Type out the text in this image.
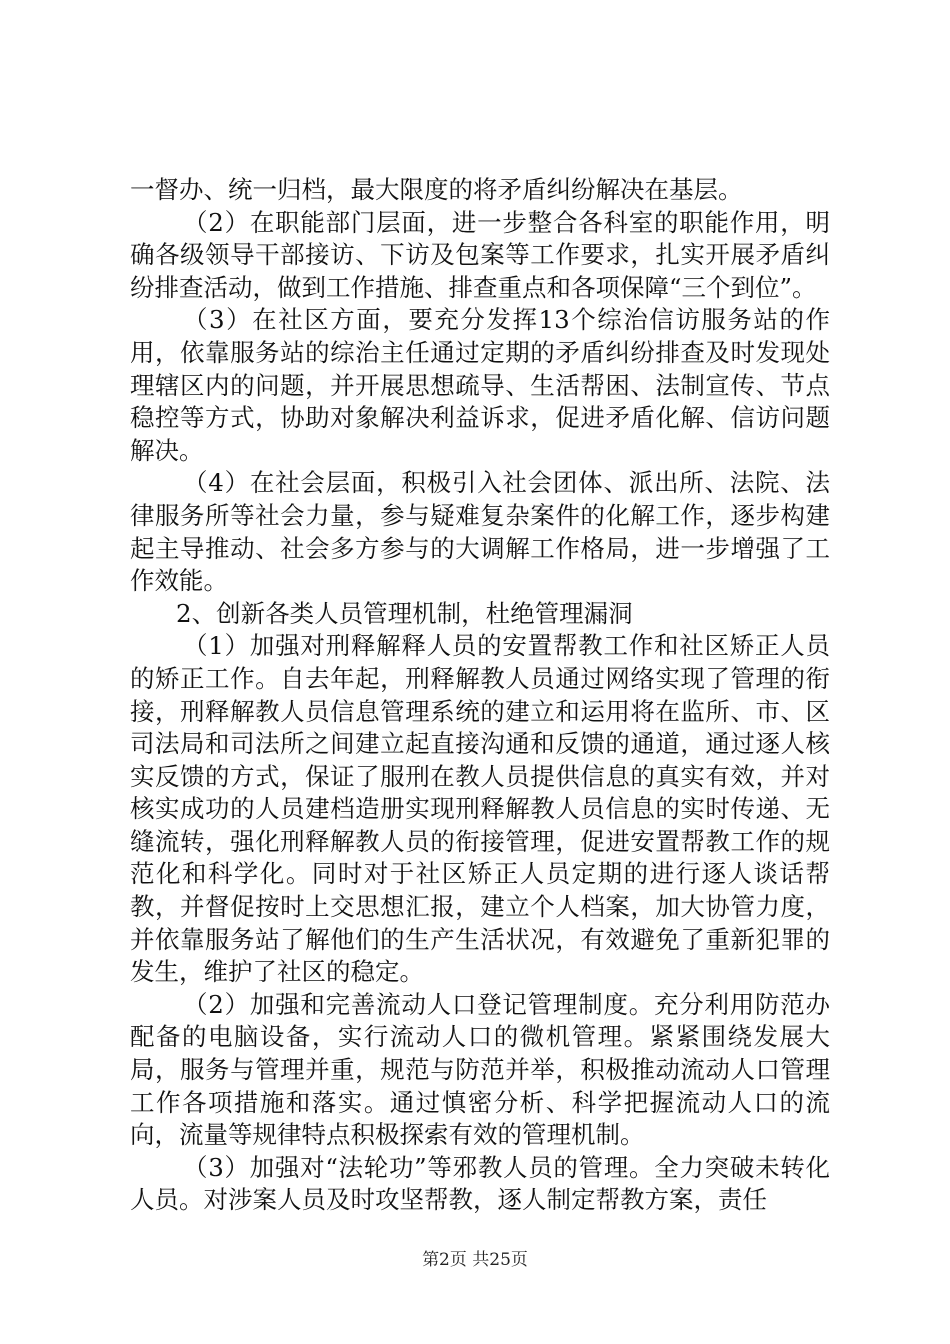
一督办、统一归档，最大限度的将矛盾纠纷解决在基层。

（2）在职能部门层面，进一步整合各科室的职能作用，明确各级领导干部接访、下访及包案等工作要求，扎实开展矛盾纠纷排查活动，做到工作措施、排查重点和各项保障“三个到位”。

（3）在社区方面，要充分发挥13个综治信访服务站的作用，依靠服务站的综治主任通过定期的矛盾纠纷排查及时发现处理辖区内的问题，并开展思想疏导、生活帮困、法制宣传、节点稳控等方式，协助对象解决利益诉求，促进矛盾化解、信访问题解决。

（4）在社会层面，积极引入社会团体、派出所、法院、法律服务所等社会力量，参与疑难复杂案件的化解工作，逐步构建起主导推动、社会多方参与的大调解工作格局，进一步增强了工作效能。

2、创新各类人员管理机制，杜绝管理漏洞

（1）加强对刑释解释人员的安置帮教工作和社区矫正人员的矫正工作。自去年起，刑释解教人员通过网络实现了管理的衔接，刑释解教人员信息管理系统的建立和运用将在监所、市、区司法局和司法所之间建立起直接沟通和反馈的通道，通过逐人核实反馈的方式，保证了服刑在教人员提供信息的真实有效，并对核实成功的人员建档造册实现刑释解教人员信息的实时传递、无缝流转，强化刑释解教人员的衔接管理，促进安置帮教工作的规范化和科学化。同时对于社区矫正人员定期的进行逐人谈话帮教，并督促按时上交思想汇报，建立个人档案，加大协管力度，并依靠服务站了解他们的生产生活状况，有效避免了重新犯罪的发生，维护了社区的稳定。

（2）加强和完善流动人口登记管理制度。充分利用防范办配备的电脑设备，实行流动人口的微机管理。紧紧围绕发展大局，服务与管理并重，规范与防范并举，积极推动流动人口管理工作各项措施和落实。通过慎密分析、科学把握流动人口的流向，流量等规律特点积极探索有效的管理机制。

（3）加强对“法轮功”等邪教人员的管理。全力突破未转化人员。对涉案人员及时攻坚帮教，逐人制定帮教方案，责任

第2页 共25页
